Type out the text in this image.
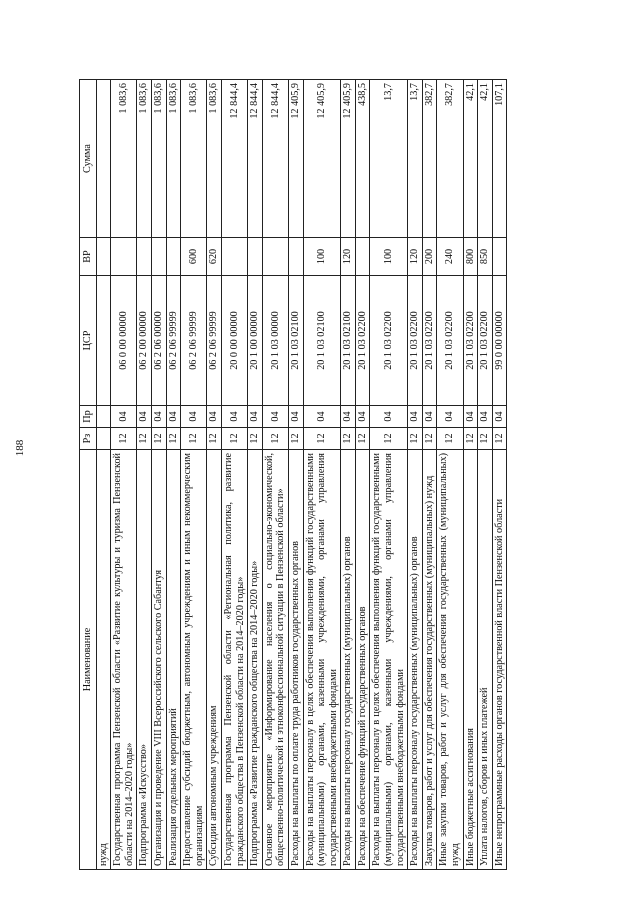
188
Наименование	Рз	Пр	ЦСР	ВР	Сумма
нужд					
Государственная программа Пензенской области «Развитие культуры и туризма Пензенской области на 2014–2020 годы»	12	04	06 0 00 00000		1 083,6
Подпрограмма «Искусство»	12	04	06 2 00 00000		1 083,6
Организация и проведение VIII Всероссийского сельского Сабантуя	12	04	06 2 06 00000		1 083,6
Реализация отдельных мероприятий	12	04	06 2 06 99999		1 083,6
Предоставление субсидий бюджетным, автономным учреждениям и иным некоммерческим организациям	12	04	06 2 06 99999	600	1 083,6
Субсидии автономным учреждениям	12	04	06 2 06 99999	620	1 083,6
Государственная программа Пензенской области «Региональная политика, развитие гражданского общества в Пензенской области на 2014–2020 годы»	12	04	20 0 00 00000		12 844,4
Подпрограмма «Развитие гражданского общества на 2014–2020 годы»	12	04	20 1 00 00000		12 844,4
Основное мероприятие «Информирование населения о социально-экономической, общественно-политической и этноконфессиональной ситуации в Пензенской области»	12	04	20 1 03 00000		12 844,4
Расходы на выплаты по оплате труда работников государственных органов	12	04	20 1 03 02100		12 405,9
Расходы на выплаты персоналу в целях обеспечения выполнения функций государственными (муниципальными) органами, казенными учреждениями, органами управления государственными внебюджетными фондами	12	04	20 1 03 02100	100	12 405,9
Расходы на выплаты персоналу государственных (муниципальных) органов	12	04	20 1 03 02100	120	12 405,9
Расходы на обеспечение функций государственных органов	12	04	20 1 03 02200		438,5
Расходы на выплаты персоналу в целях обеспечения выполнения функций государственными (муниципальными) органами, казенными учреждениями, органами управления государственными внебюджетными фондами	12	04	20 1 03 02200	100	13,7
Расходы на выплаты персоналу государственных (муниципальных) органов	12	04	20 1 03 02200	120	13,7
Закупка товаров, работ и услуг для обеспечения государственных (муниципальных) нужд	12	04	20 1 03 02200	200	382,7
Иные закупки товаров, работ и услуг для обеспечения государственных (муниципальных) нужд	12	04	20 1 03 02200	240	382,7
Иные бюджетные ассигнования	12	04	20 1 03 02200	800	42,1
Уплата налогов, сборов и иных платежей	12	04	20 1 03 02200	850	42,1
Иные непрограммные расходы органов государственной власти Пензенской области	12	04	99 0 00 00000		107,1
